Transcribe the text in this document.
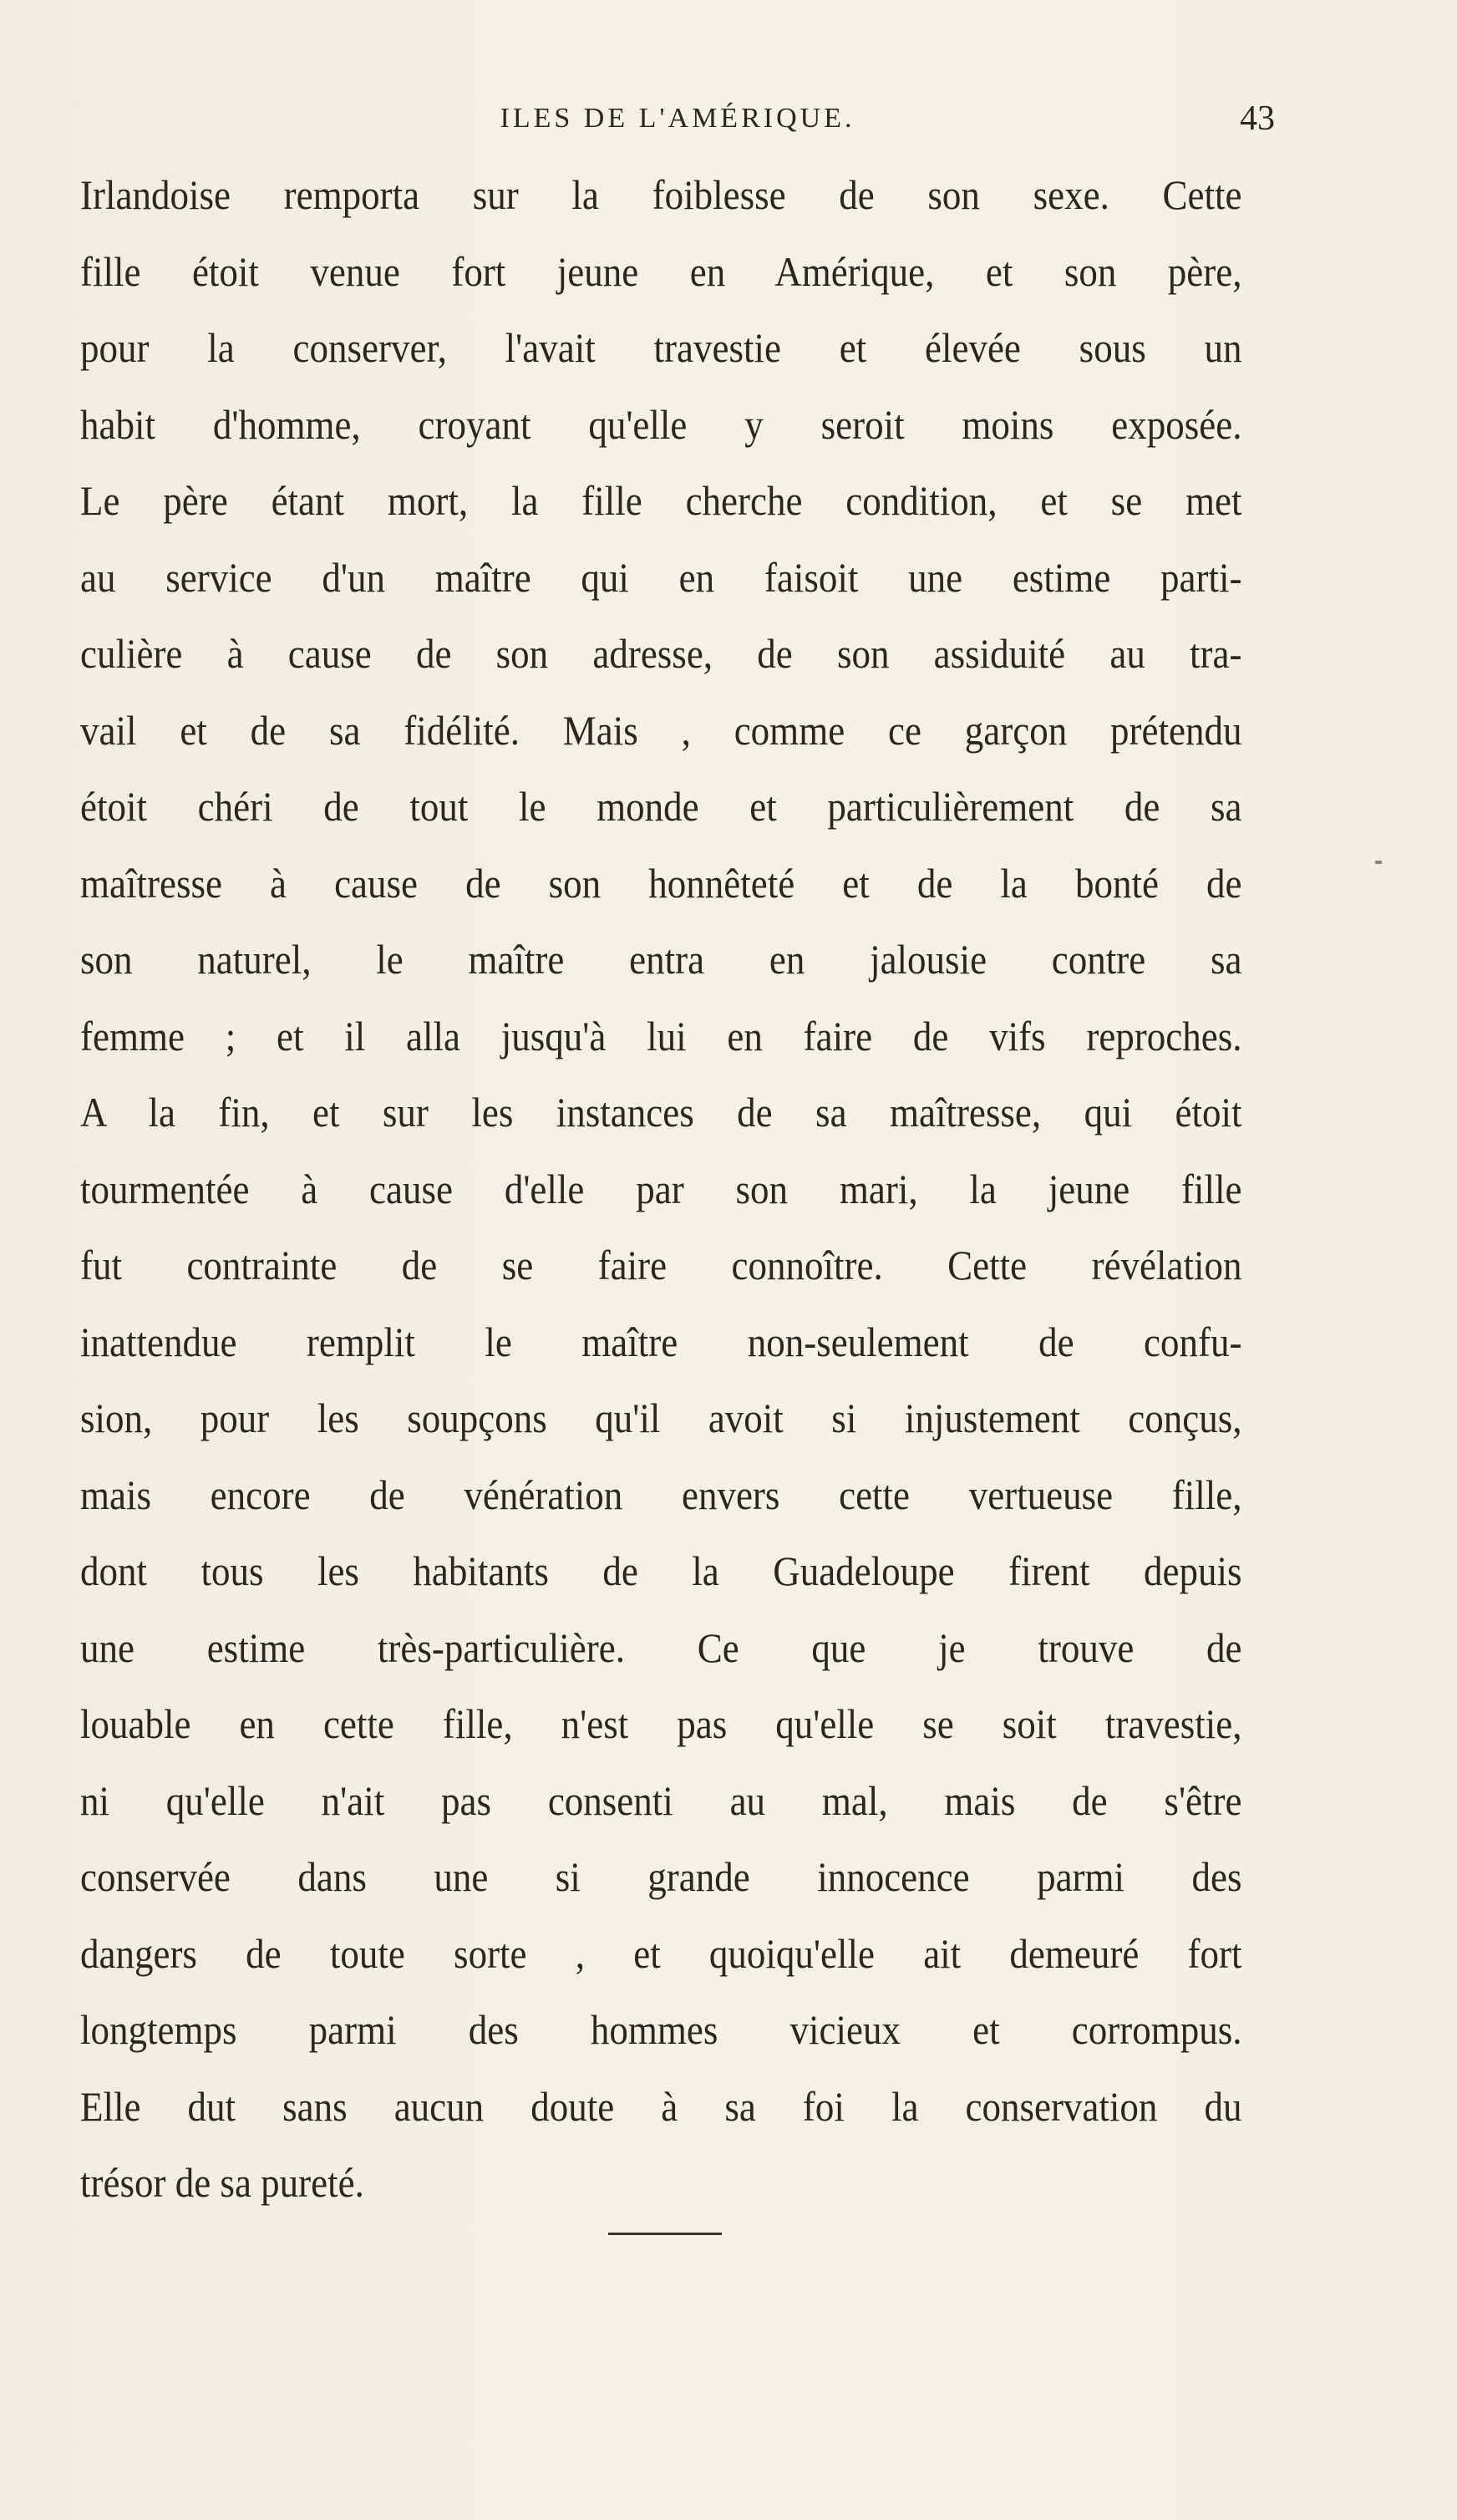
ILES DE L'AMÉRIQUE.	43
Irlandoise remporta sur la foiblesse de son sexe. Cette
fille étoit venue fort jeune en Amérique, et son père,
pour la conserver, l'avait travestie et élevée sous un
habit d'homme, croyant qu'elle y seroit moins exposée.
Le père étant mort, la fille cherche condition, et se met
au service d'un maître qui en faisoit une estime parti-
culière à cause de son adresse, de son assiduité au tra-
vail et de sa fidélité. Mais , comme ce garçon prétendu
étoit chéri de tout le monde et particulièrement de sa
maîtresse à cause de son honnêteté et de la bonté de
son naturel, le maître entra en jalousie contre sa
femme ; et il alla jusqu'à lui en faire de vifs reproches.
A la fin, et sur les instances de sa maîtresse, qui étoit
tourmentée à cause d'elle par son mari, la jeune fille
fut contrainte de se faire connoître. Cette révélation
inattendue remplit le maître non-seulement de confu-
sion, pour les soupçons qu'il avoit si injustement conçus,
mais encore de vénération envers cette vertueuse fille,
dont tous les habitants de la Guadeloupe firent depuis
une estime très-particulière. Ce que je trouve de
louable en cette fille, n'est pas qu'elle se soit travestie,
ni qu'elle n'ait pas consenti au mal, mais de s'être
conservée dans une si grande innocence parmi des
dangers de toute sorte , et quoiqu'elle ait demeuré fort
longtemps parmi des hommes vicieux et corrompus.
Elle dut sans aucun doute à sa foi la conservation du
trésor de sa pureté.
